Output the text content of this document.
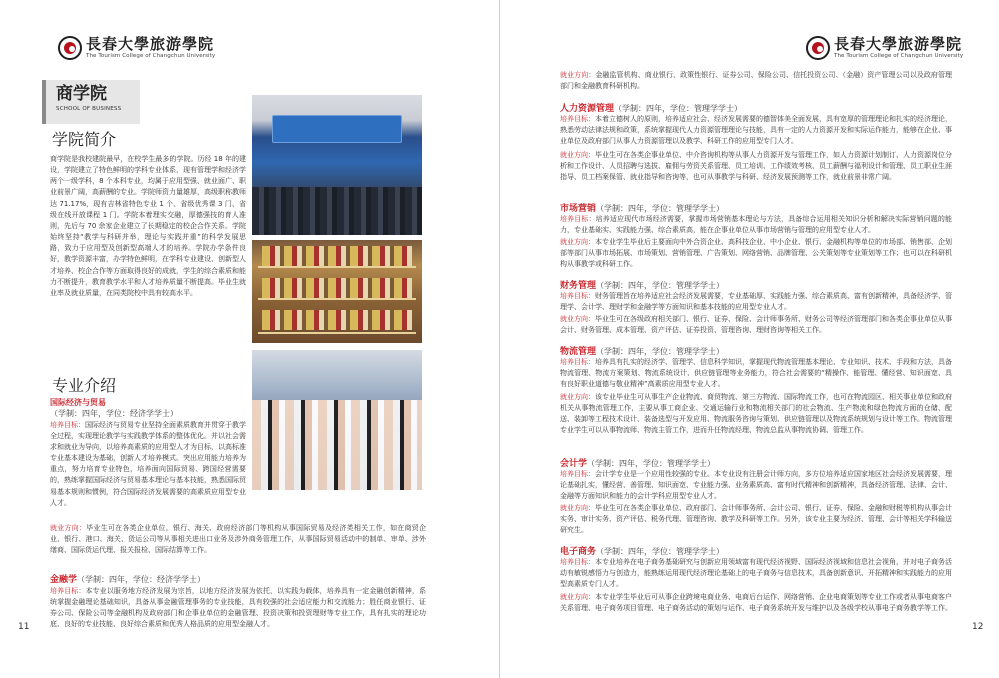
長春大學旅游學院
The Tourism College of Changchun University
商学院
SCHOOL OF BUSINESS
学院简介
商学院是我校建院最早，在校学生最多的学院。历经 18 年的建设，学院建立了特色鲜明的学科专业体系，现有管理学和经济学两个一级学科，8 个本科专业，均属于应用型强、就业面广、职业前景广阔，高薪酬的专业。学院师资力量雄厚，高级职称教师达 71.17%，现有吉林省特色专业 1 个、省级优秀课 3 门、省级在线开放课程 1 门。学院本着理实交融，厚德强技的育人准则，先后与 70 余家企业建立了长期稳定的校企合作关系。学院始终坚持“教学与科研并举，理论与实践并重”的科学发展思路，致力于应用型及创新型高端人才的培养。学院办学条件良好，教学资源丰富，办学特色鲜明，在学科专业建设、创新型人才培养、校企合作等方面取得良好的成就，学生的综合素质和能力不断提升，教育教学水平和人才培养质量不断提高。毕业生就业率及就业质量，在同类院校中具有较高水平。
专业介绍
国际经济与贸易
（学制：四年，学位：经济学学士）
培养目标：国际经济与贸易专业坚持全面素质教育并贯穿于教学全过程，实现理论教学与实践教学体系的整体优化。并以社会需求和就业为导向，以培养高素质的应用型人才为目标，以高标准专业基本建设为基础，创新人才培养模式。突出应用能力培养为重点，努力培育专业特色，培养面向国际贸易、跨国经营需要的，熟练掌握国际经济与贸易基本理论与基本技能，熟悉国际贸易基本规则和惯例，符合国际经济发展需要的高素质应用型专业人才。
就业方向：毕业生可在各类企业单位，银行、海关、政府经济部门等机构从事国际贸易及经济类相关工作，如在商贸企业、银行、港口、海关、货运公司等从事相关进出口业务及涉外商务管理工作，从事国际贸易活动中的制单、审单、涉外缮商、国际货运代理、报关报检、国际结算等工作。
金融学（学制：四年，学位：经济学学士）
培养目标：本专业以服务地方经济发展为宗旨，以地方经济发展为依托，以实践为载体，培养具有一定金融创新精神，系统掌握金融理论基础知识，具备从事金融管理事务的专业技能，具有较强的社会适应能力和交流能力；胜任商业银行、证券公司、保险公司等金融机构及政府部门和企事业单位的金融管理、投资决策和投资理财等专业工作，具有扎实的理论功底、良好的专业技能、良好综合素质和优秀人格品质的应用型金融人才。
11
長春大學旅游學院
The Tourism College of Changchun University
就业方向：金融监管机构、商业银行、政策性银行、证券公司、保险公司、信托投资公司、（金融）资产管理公司以及政府管理部门和金融教育科研机构。
人力资源管理（学制：四年，学位：管理学学士）
培养目标：本着立德树人的原则，培养适应社会、经济发展需要的德智体美全面发展，具有宽厚的管理理论和扎实的经济理论，熟悉劳动法律法规和政策，系统掌握现代人力资源管理理论与技能，具有一定的人力资源开发和实际运作能力，能够在企业、事业单位及政府部门从事人力资源管理以及教学、科研工作的应用型专门人才。
就业方向：毕业生可在各类企事业单位、中介咨询机构等从事人力资源开发与管理工作，如人力资源计划制订、人力资源岗位分析和工作设计、人员招聘与选拔、雇佣与劳资关系管理、员工培训、工作绩效考核、员工薪酬与福利设计和管理、员工职业生涯指导、员工档案保管、就业指导和咨询等，也可从事教学与科研、经济发展预测等工作，就业前景非常广阔。
市场营销（学制：四年，学位：管理学学士）
培养目标：培养适应现代市场经济需要，掌握市场营销基本理论与方法，具备综合运用相关知识分析和解决实际营销问题的能力，专业基础实、实践能力强、综合素质高，能在企事业单位从事市场营销与管理的应用型专业人才。
就业方向：本专业学生毕业后主要面向中外合资企业、高科技企业、中小企业、银行、金融机构等单位的市场部、销售部、企划部等部门从事市场拓展、市场策划、营销管理、广告策划、网络营销、品牌管理、公关策划等专业策划等工作；也可以在科研机构从事教学或科研工作。
财务管理（学制：四年，学位：管理学学士）
培养目标：财务管理旨在培养适应社会经济发展需要，专业基础厚、实践能力强、综合素质高、富有创新精神，具备经济学、管理学、会计学、理财学和金融学等方面知识和基本技能的应用型专业人才。
就业方向：毕业生可在各级政府相关部门、银行、证券、保险、会计师事务所、财务公司等经济管理部门和各类企事业单位从事会计、财务管理、成本管理、资产评估、证券投资、管理咨询、理财咨询等相关工作。
物流管理（学制：四年，学位：管理学学士）
培养目标：培养具有扎实的经济学、管理学、信息科学知识，掌握现代物流管理基本理论、专业知识、技术、手段和方法，具备物流管理、物流方案策划、物流系统设计、供应链管理等业务能力，符合社会需要的“精操作、能管理、懂经营、知识面宽、具有良好职业道德与敬业精神”高素质应用型专业人才。
就业方向：该专业毕业生可从事生产企业物流、商贸物流、第三方物流、国际物流工作，也可在物流园区、相关事业单位和政府机关从事物流管理工作，主要从事工商企业、交通运输行业和物流相关部门的社会物流、生产物流和绿色物流方面的仓储、配送、装卸等工程技术设计、装备选型与开发应用、物流服务咨询与策划、供应链管理以及物流系统规划与设计等工作。物流管理专业学生可以从事物流师、物流主管工作，进而升任物流经理、物流总监从事物流协调、管理工作。
会计学（学制：四年，学位：管理学学士）
培养目标：会计学专业是一个应用性较强的专业。本专业设有注册会计师方向，多方位培养适应国家地区社会经济发展需要，理论基础扎实，懂经营、善管理、知识面宽、专业能力强、业务素质高、富有时代精神和创新精神，具备经济管理、法律、会计、金融等方面知识和能力的会计学科应用型专业人才。
就业方向：毕业生可在各类企事业单位、政府部门、会计师事务所、会计公司、银行、证券、保险、金融和财税等机构从事会计实务、审计实务、资产评估、税务代理、管理咨询、教学及科研等工作。另外，该专业主要为经济、管理、会计等相关学科输送研究生。
电子商务（学制：四年，学位：管理学学士）
培养目标：本专业培养在电子商务基础研究与创新应用领域富有现代经济视野、国际经济视域和信息社会视角，并对电子商务活动有敏锐感悟力与创造力，能熟练运用现代经济理论基础上的电子商务与信息技术，具备创新意识、开拓精神和实践能力的应用型高素质专门人才。
就业方向：本专业学生毕业后可从事企业跨境电商业务、电商后台运作、网络营销、企业电商策划等专业工作或者从事电商客户关系管理、电子商务项目管理、电子商务活动的策划与运作、电子商务系统开发与维护以及各级学校从事电子商务教学等工作。
12
